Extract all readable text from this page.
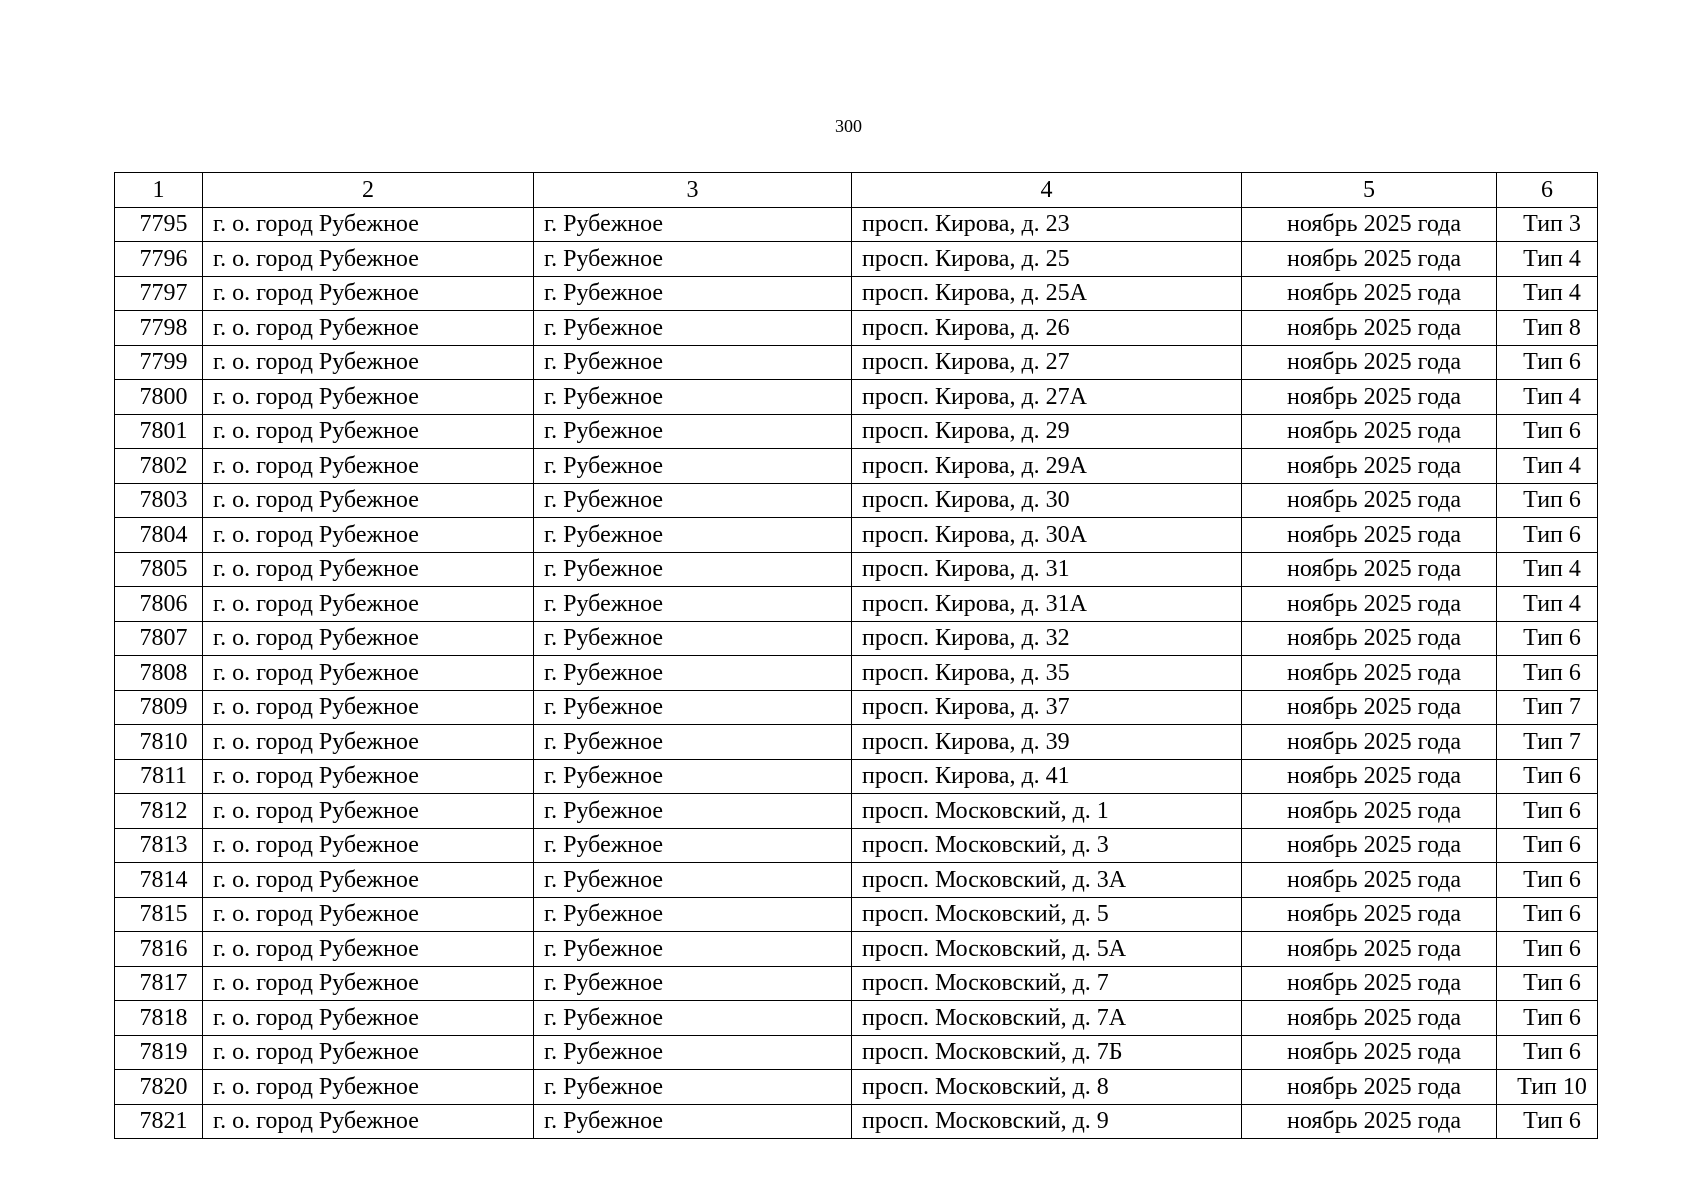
300
1	2	3	4	5	6
7795	г. о. город Рубежное	г. Рубежное	просп. Кирова, д. 23	ноябрь 2025 года	Тип 3
7796	г. о. город Рубежное	г. Рубежное	просп. Кирова, д. 25	ноябрь 2025 года	Тип 4
7797	г. о. город Рубежное	г. Рубежное	просп. Кирова, д. 25А	ноябрь 2025 года	Тип 4
7798	г. о. город Рубежное	г. Рубежное	просп. Кирова, д. 26	ноябрь 2025 года	Тип 8
7799	г. о. город Рубежное	г. Рубежное	просп. Кирова, д. 27	ноябрь 2025 года	Тип 6
7800	г. о. город Рубежное	г. Рубежное	просп. Кирова, д. 27А	ноябрь 2025 года	Тип 4
7801	г. о. город Рубежное	г. Рубежное	просп. Кирова, д. 29	ноябрь 2025 года	Тип 6
7802	г. о. город Рубежное	г. Рубежное	просп. Кирова, д. 29А	ноябрь 2025 года	Тип 4
7803	г. о. город Рубежное	г. Рубежное	просп. Кирова, д. 30	ноябрь 2025 года	Тип 6
7804	г. о. город Рубежное	г. Рубежное	просп. Кирова, д. 30А	ноябрь 2025 года	Тип 6
7805	г. о. город Рубежное	г. Рубежное	просп. Кирова, д. 31	ноябрь 2025 года	Тип 4
7806	г. о. город Рубежное	г. Рубежное	просп. Кирова, д. 31А	ноябрь 2025 года	Тип 4
7807	г. о. город Рубежное	г. Рубежное	просп. Кирова, д. 32	ноябрь 2025 года	Тип 6
7808	г. о. город Рубежное	г. Рубежное	просп. Кирова, д. 35	ноябрь 2025 года	Тип 6
7809	г. о. город Рубежное	г. Рубежное	просп. Кирова, д. 37	ноябрь 2025 года	Тип 7
7810	г. о. город Рубежное	г. Рубежное	просп. Кирова, д. 39	ноябрь 2025 года	Тип 7
7811	г. о. город Рубежное	г. Рубежное	просп. Кирова, д. 41	ноябрь 2025 года	Тип 6
7812	г. о. город Рубежное	г. Рубежное	просп. Московский, д. 1	ноябрь 2025 года	Тип 6
7813	г. о. город Рубежное	г. Рубежное	просп. Московский, д. 3	ноябрь 2025 года	Тип 6
7814	г. о. город Рубежное	г. Рубежное	просп. Московский, д. 3А	ноябрь 2025 года	Тип 6
7815	г. о. город Рубежное	г. Рубежное	просп. Московский, д. 5	ноябрь 2025 года	Тип 6
7816	г. о. город Рубежное	г. Рубежное	просп. Московский, д. 5А	ноябрь 2025 года	Тип 6
7817	г. о. город Рубежное	г. Рубежное	просп. Московский, д. 7	ноябрь 2025 года	Тип 6
7818	г. о. город Рубежное	г. Рубежное	просп. Московский, д. 7А	ноябрь 2025 года	Тип 6
7819	г. о. город Рубежное	г. Рубежное	просп. Московский, д. 7Б	ноябрь 2025 года	Тип 6
7820	г. о. город Рубежное	г. Рубежное	просп. Московский, д. 8	ноябрь 2025 года	Тип 10
7821	г. о. город Рубежное	г. Рубежное	просп. Московский, д. 9	ноябрь 2025 года	Тип 6
